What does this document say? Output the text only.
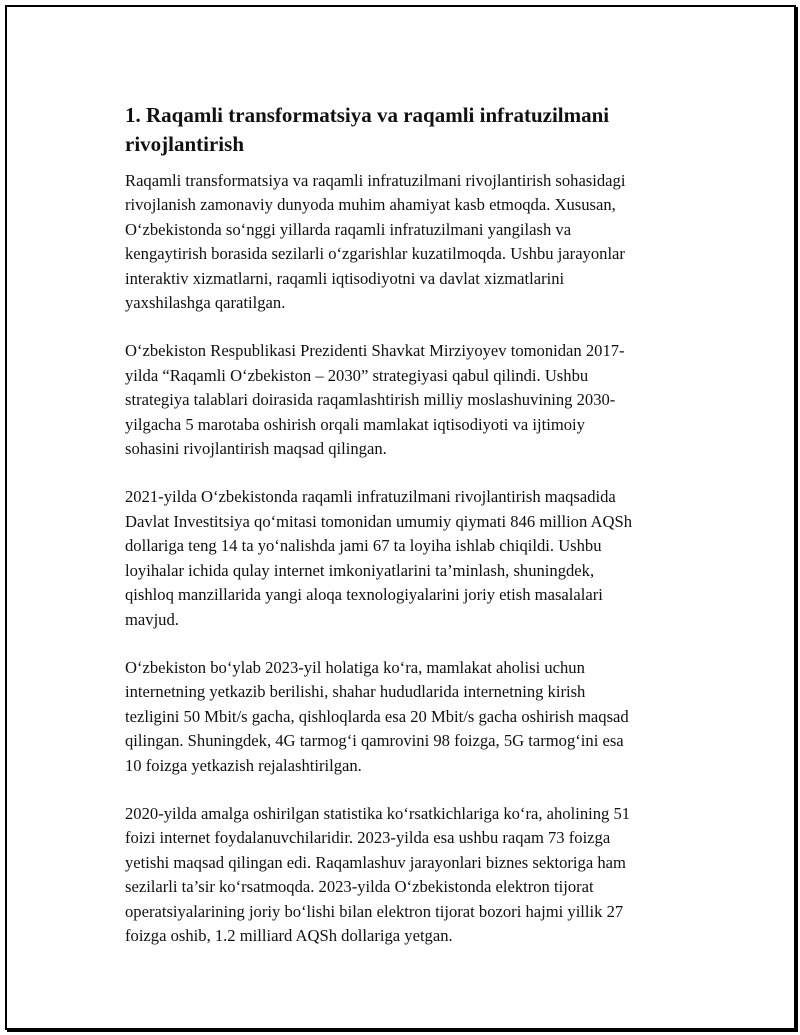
1. Raqamli transformatsiya va raqamli infratuzilmani
rivojlantirish

Raqamli transformatsiya va raqamli infratuzilmani rivojlantirish sohasidagi
rivojlanish zamonaviy dunyoda muhim ahamiyat kasb etmoqda. Xususan,
O‘zbekistonda so‘nggi yillarda raqamli infratuzilmani yangilash va
kengaytirish borasida sezilarli o‘zgarishlar kuzatilmoqda. Ushbu jarayonlar
interaktiv xizmatlarni, raqamli iqtisodiyotni va davlat xizmatlarini
yaxshilashga qaratilgan.

O‘zbekiston Respublikasi Prezidenti Shavkat Mirziyoyev tomonidan 2017-
yilda “Raqamli O‘zbekiston – 2030” strategiyasi qabul qilindi. Ushbu
strategiya talablari doirasida raqamlashtirish milliy moslashuvining 2030-
yilgacha 5 marotaba oshirish orqali mamlakat iqtisodiyoti va ijtimoiy
sohasini rivojlantirish maqsad qilingan.

2021-yilda O‘zbekistonda raqamli infratuzilmani rivojlantirish maqsadida
Davlat Investitsiya qo‘mitasi tomonidan umumiy qiymati 846 million AQSh
dollariga teng 14 ta yo‘nalishda jami 67 ta loyiha ishlab chiqildi. Ushbu
loyihalar ichida qulay internet imkoniyatlarini ta’minlash, shuningdek,
qishloq manzillarida yangi aloqa texnologiyalarini joriy etish masalalari
mavjud.

O‘zbekiston bo‘ylab 2023-yil holatiga ko‘ra, mamlakat aholisi uchun
internetning yetkazib berilishi, shahar hududlarida internetning kirish
tezligini 50 Mbit/s gacha, qishloqlarda esa 20 Mbit/s gacha oshirish maqsad
qilingan. Shuningdek, 4G tarmog‘i qamrovini 98 foizga, 5G tarmog‘ini esa
10 foizga yetkazish rejalashtirilgan.

2020-yilda amalga oshirilgan statistika ko‘rsatkichlariga ko‘ra, aholining 51
foizi internet foydalanuvchilaridir. 2023-yilda esa ushbu raqam 73 foizga
yetishi maqsad qilingan edi. Raqamlashuv jarayonlari biznes sektoriga ham
sezilarli ta’sir ko‘rsatmoqda. 2023-yilda O‘zbekistonda elektron tijorat
operatsiyalarining joriy bo‘lishi bilan elektron tijorat bozori hajmi yillik 27
foizga oshib, 1.2 milliard AQSh dollariga yetgan.
